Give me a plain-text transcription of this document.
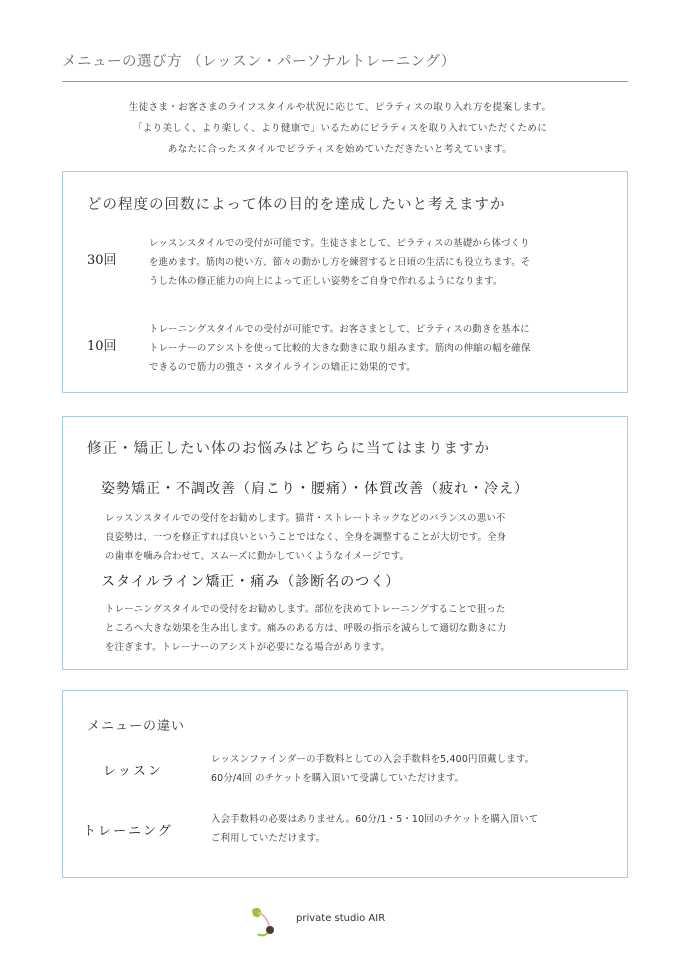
メニューの選び方 （レッスン・パーソナルトレーニング）

生徒さま・お客さまのライフスタイルや状況に応じて、ピラティスの取り入れ方を提案します。

「より美しく、より楽しく、より健康で」いるためにピラティスを取り入れていただくために

あなたに合ったスタイルでピラティスを始めていただきたいと考えています。

どの程度の回数によって体の目的を達成したいと考えますか
30回
レッスンスタイルでの受付が可能です。生徒さまとして、ピラティスの基礎から体づくり
を進めます。筋肉の使い方、節々の動かし方を練習すると日頃の生活にも役立ちます。そ
うした体の修正能力の向上によって正しい姿勢をご自身で作れるようになります。
10回
トレーニングスタイルでの受付が可能です。お客さまとして、ピラティスの動きを基本に
トレーナーのアシストを使って比較的大きな動きに取り組みます。筋肉の伸縮の幅を確保
できるので筋力の強さ・スタイルラインの矯正に効果的です。
修正・矯正したい体のお悩みはどちらに当てはまりますか
姿勢矯正・不調改善（肩こり・腰痛）・体質改善（疲れ・冷え）
レッスンスタイルでの受付をお勧めします。猫背・ストレートネックなどのバランスの悪い不
良姿勢は、一つを修正すれば良いということではなく、全身を調整することが大切です。全身
の歯車を噛み合わせて、スムーズに動かしていくようなイメージです。
スタイルライン矯正・痛み（診断名のつく）
トレーニングスタイルでの受付をお勧めします。部位を決めてトレーニングすることで狙った
ところへ大きな効果を生み出します。痛みのある方は、呼吸の指示を減らして適切な動きに力
を注ぎます。トレーナーのアシストが必要になる場合があります。
メニューの違い
レッスン
レッスンファインダーの手数料としての入会手数料を5,400円頂戴します。
60分/4回 のチケットを購入頂いて受講していただけます。
トレーニング
入会手数料の必要はありません。60分/1・5・10回のチケットを購入頂いて
ご利用していただけます。
private studio AIR
